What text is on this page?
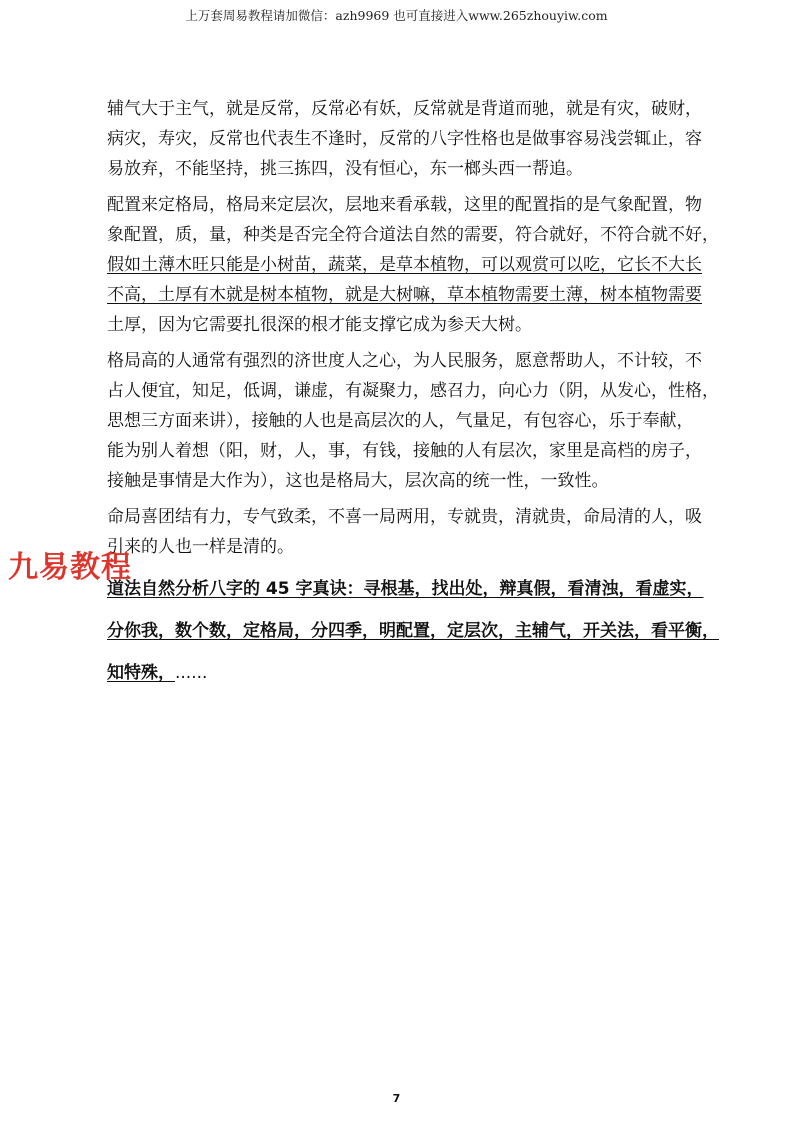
上万套周易教程请加微信：azh9969 也可直接进入www.265zhouyiw.com
辅气大于主气，就是反常，反常必有妖，反常就是背道而驰，就是有灾，破财，
病灾，寿灾，反常也代表生不逢时，反常的八字性格也是做事容易浅尝辄止，容
易放弃，不能坚持，挑三拣四，没有恒心，东一榔头西一帮追。
配置来定格局，格局来定层次，层地来看承载，这里的配置指的是气象配置，物
象配置，质，量，种类是否完全符合道法自然的需要，符合就好，不符合就不好，
假如土薄木旺只能是小树苗，蔬菜，是草本植物，可以观赏可以吃，它长不大长
不高，土厚有木就是树本植物，就是大树嘛，草本植物需要土薄，树本植物需要
土厚，因为它需要扎很深的根才能支撑它成为参天大树。
格局高的人通常有强烈的济世度人之心，为人民服务，愿意帮助人，不计较，不
占人便宜，知足，低调，谦虚，有凝聚力，感召力，向心力（阴，从发心，性格，
思想三方面来讲），接触的人也是高层次的人，气量足，有包容心，乐于奉献，
能为别人着想（阳，财，人，事，有钱，接触的人有层次，家里是高档的房子，
接触是事情是大作为），这也是格局大，层次高的统一性，一致性。
命局喜团结有力，专气致柔，不喜一局两用，专就贵，清就贵，命局清的人，吸
引来的人也一样是清的。
道法自然分析八字的 45 字真诀：寻根基，找出处，辩真假，看清浊，看虚实，
分你我，数个数，定格局，分四季，明配置，定层次，主辅气，开关法，看平衡，
知特殊，......
九易教程
7
